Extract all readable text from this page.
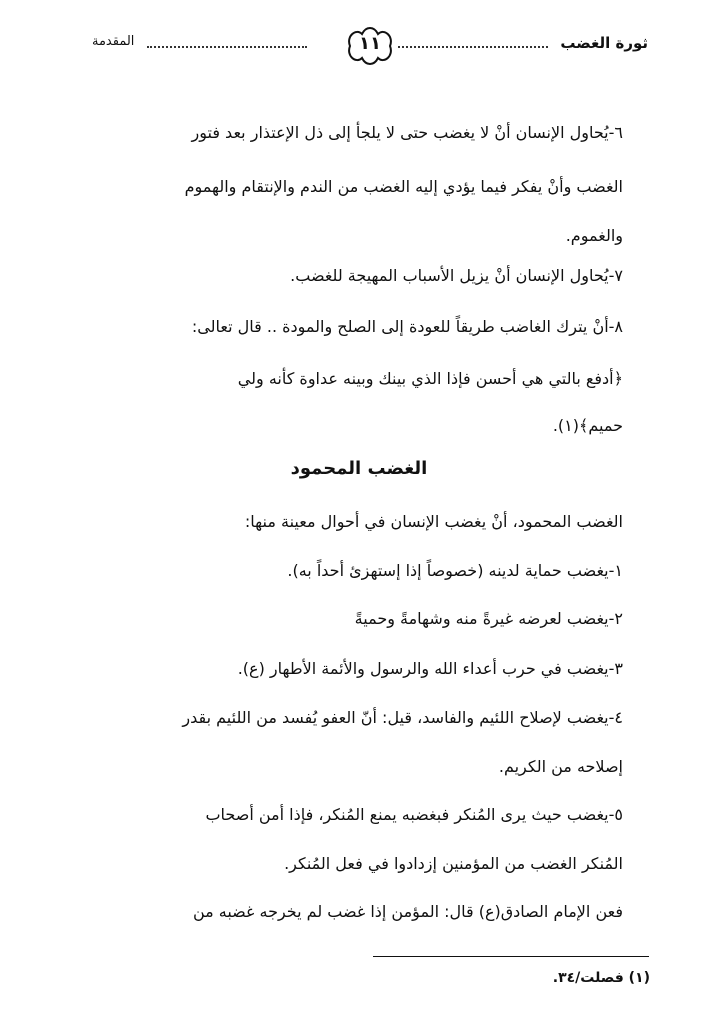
ثورة الغضب
١١
المقدمة
٦-يُحاول الإنسان أنْ لا يغضب حتى لا يلجأ إلى ذل الإعتذار بعد فتور
الغضب وأنْ يفكر فيما يؤدي إليه الغضب من الندم والإنتقام والهموم
والغموم.
٧-يُحاول الإنسان أنْ يزيل الأسباب المهيجة للغضب.
٨-أنْ يترك الغاضب طريقاً للعودة إلى الصلح والمودة .. قال تعالى:
﴿أدفع بالتي هي أحسن فإذا الذي بينك وبينه عداوة كأنه ولي
حميم﴾(١).
الغضب المحمود
الغضب المحمود، أنْ يغضب الإنسان في أحوال معينة منها:
١-يغضب حماية لدينه (خصوصاً إذا إستهزئ أحداً به).
٢-يغضب لعرضه غيرةً منه وشهامةً وحميةً
٣-يغضب في حرب أعداء الله والرسول والأئمة الأطهار (ع).
٤-يغضب لإصلاح اللئيم والفاسد، قيل: أنّ العفو يُفسد من اللئيم بقدر
إصلاحه من الكريم.
٥-يغضب حيث يرى المُنكر فبغضبه يمنع المُنكر، فإذا أمن أصحاب
المُنكر الغضب من المؤمنين إزدادوا في فعل المُنكر.
فعن الإمام الصادق(ع) قال: المؤمن إذا غضب لم يخرجه غضبه من
(١) فصلت/٣٤.
